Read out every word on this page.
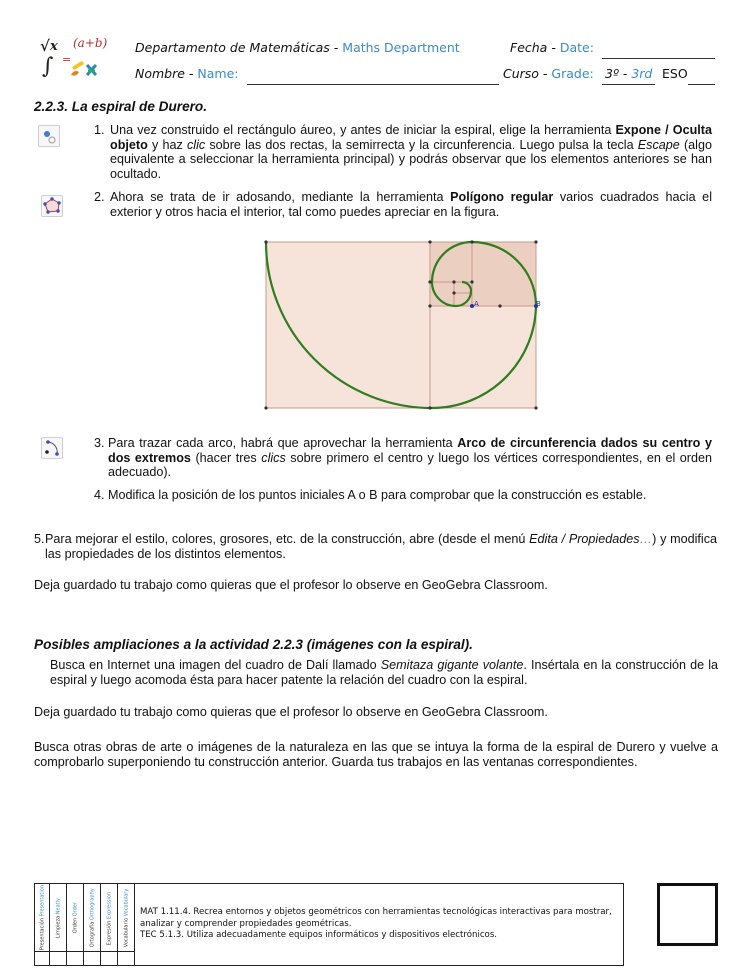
√ x
∫ =
(a+b) Departamento de Matemáticas - Maths Department	Fecha - Date:
Nombre - Name:	Curso - Grade: 3º - 3rd ESO
2.2.3. La espiral de Durero.
1. Una vez construido el rectángulo áureo, y antes de iniciar la espiral, elige la herramienta Expone / Oculta objeto y haz clic sobre las dos rectas, la semirrecta y la circunferencia. Luego pulsa la tecla Escape (algo equivalente a seleccionar la herramienta principal) y podrás observar que los elementos anteriores se han ocultado.
2. Ahora se trata de ir adosando, mediante la herramienta Polígono regular varios cuadrados hacia el exterior y otros hacia el interior, tal como puedes apreciar en la figura.
A	B
3. Para trazar cada arco, habrá que aprovechar la herramienta Arco de circunferencia dados su centro y dos extremos (hacer tres clics sobre primero el centro y luego los vértices correspondientes, en el orden adecuado).
4. Modifica la posición de los puntos iniciales A o B para comprobar que la construcción es estable.
5. Para mejorar el estilo, colores, grosores, etc. de la construcción, abre (desde el menú Edita / Propiedades…) y modifica las propiedades de los distintos elementos.
Deja guardado tu trabajo como quieras que el profesor lo observe en GeoGebra Classroom.
Posibles ampliaciones a la actividad 2.2.3 (imágenes con la espiral).
Busca en Internet una imagen del cuadro de Dalí llamado Semitaza gigante volante. Insértala en la construcción de la espiral y luego acomoda ésta para hacer patente la relación del cuadro con la espiral.
Deja guardado tu trabajo como quieras que el profesor lo observe en GeoGebra Classroom.
Busca otras obras de arte o imágenes de la naturaleza en las que se intuya la forma de la espiral de Durero y vuelve a comprobarlo superponiendo tu construcción anterior. Guarda tus trabajos en las ventanas correspondientes.
Presentación Presentation	Limpieza Neatly	Orden Order	Ortografía Orthography	Expresión Expression	Vocabulario Vocabulary	MAT 1.11.4. Recrea entornos y objetos geométricos con herramientas tecnológicas interactivas para mostrar, analizar y comprender propiedades geométricas.
TEC 5.1.3. Utiliza adecuadamente equipos informáticos y dispositivos electrónicos.
